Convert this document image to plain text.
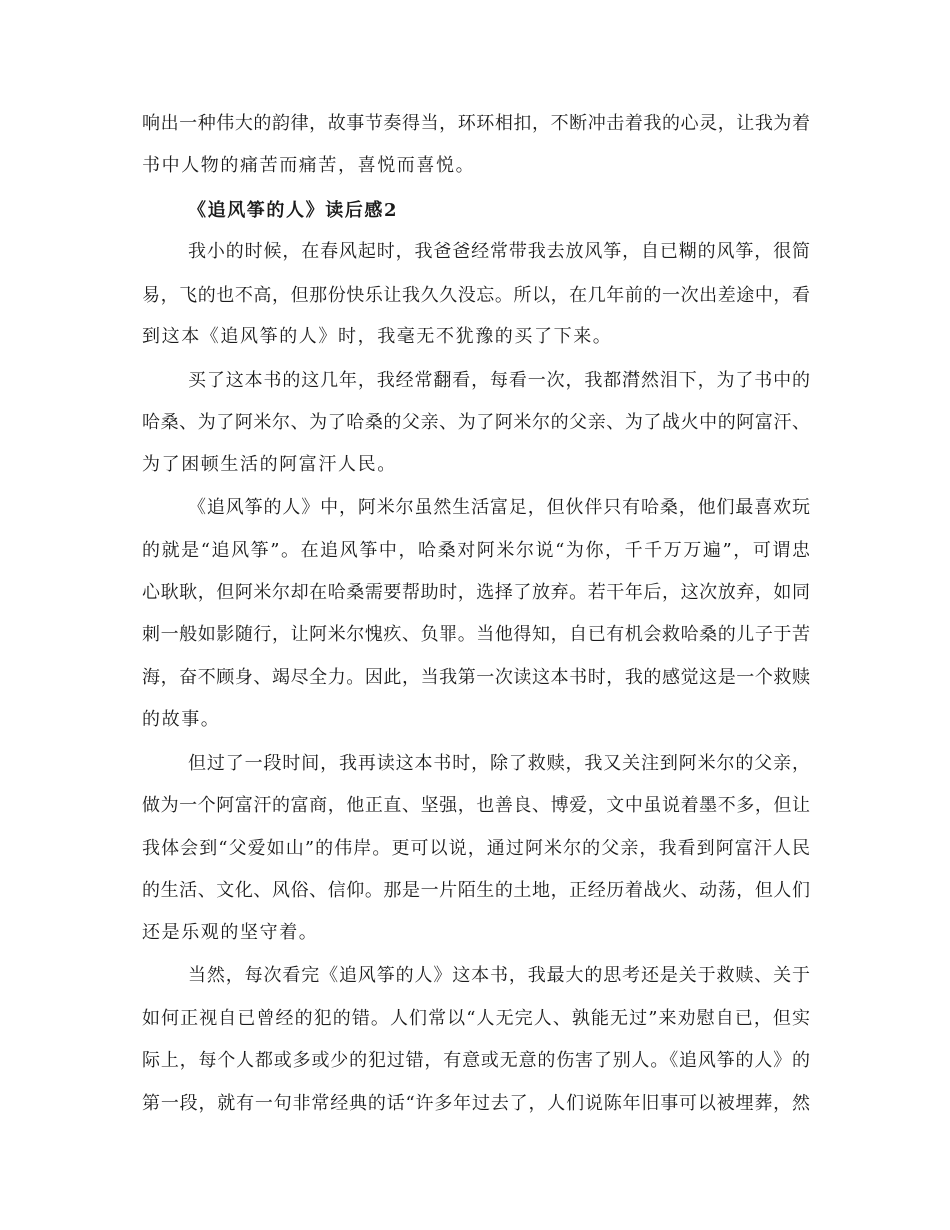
响出一种伟大的韵律，故事节奏得当，环环相扣，不断冲击着我的心灵，让我为着
书中人物的痛苦而痛苦，喜悦而喜悦。
《追风筝的人》读后感2
我小的时候，在春风起时，我爸爸经常带我去放风筝，自已糊的风筝，很简
易，飞的也不高，但那份快乐让我久久没忘。所以，在几年前的一次出差途中，看
到这本《追风筝的人》时，我毫无不犹豫的买了下来。
买了这本书的这几年，我经常翻看，每看一次，我都潸然泪下，为了书中的
哈桑、为了阿米尔、为了哈桑的父亲、为了阿米尔的父亲、为了战火中的阿富汗、
为了困顿生活的阿富汗人民。
《追风筝的人》中，阿米尔虽然生活富足，但伙伴只有哈桑，他们最喜欢玩
的就是“追风筝”。在追风筝中，哈桑对阿米尔说“为你，千千万万遍”，可谓忠
心耿耿，但阿米尔却在哈桑需要帮助时，选择了放弃。若干年后，这次放弃，如同
刺一般如影随行，让阿米尔愧疚、负罪。当他得知，自已有机会救哈桑的儿子于苦
海，奋不顾身、竭尽全力。因此，当我第一次读这本书时，我的感觉这是一个救赎
的故事。
但过了一段时间，我再读这本书时，除了救赎，我又关注到阿米尔的父亲，
做为一个阿富汗的富商，他正直、坚强，也善良、博爱，文中虽说着墨不多，但让
我体会到“父爱如山”的伟岸。更可以说，通过阿米尔的父亲，我看到阿富汗人民
的生活、文化、风俗、信仰。那是一片陌生的土地，正经历着战火、动荡，但人们
还是乐观的坚守着。
当然，每次看完《追风筝的人》这本书，我最大的思考还是关于救赎、关于
如何正视自已曾经的犯的错。人们常以“人无完人、孰能无过”来劝慰自已，但实
际上，每个人都或多或少的犯过错，有意或无意的伤害了别人。《追风筝的人》的
第一段，就有一句非常经典的话“许多年过去了，人们说陈年旧事可以被埋葬，然
